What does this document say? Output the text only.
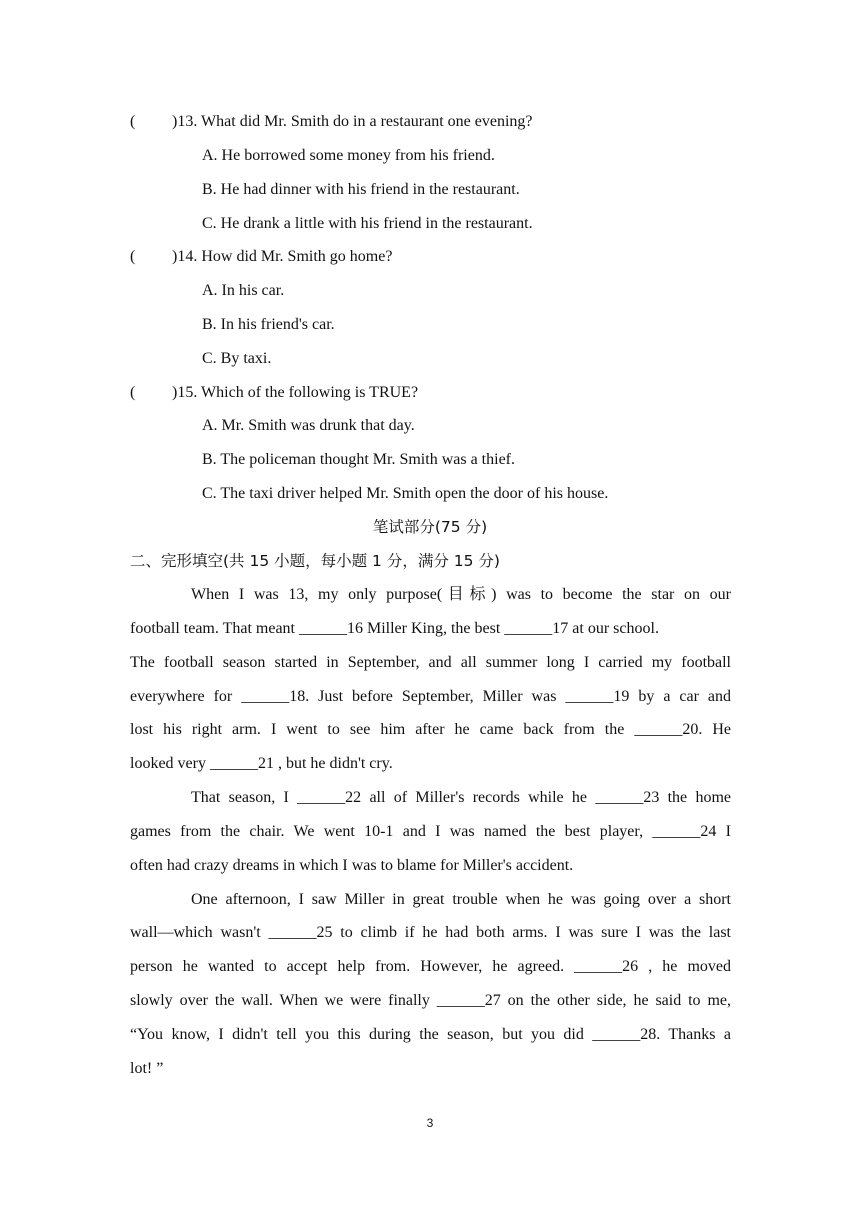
( )13. What did Mr. Smith do in a restaurant one evening?
A. He borrowed some money from his friend.
B. He had dinner with his friend in the restaurant.
C. He drank a little with his friend in the restaurant.
( )14. How did Mr. Smith go home?
A. In his car.
B. In his friend's car.
C. By taxi.
( )15. Which of the following is TRUE?
A. Mr. Smith was drunk that day.
B. The policeman thought Mr. Smith was a thief.
C. The taxi driver helped Mr. Smith open the door of his house.
笔试部分(75 分)
二、完形填空(共 15 小题，每小题 1 分，满分 15 分)
When I was 13, my only purpose(目标) was to become the star on our
football team. That meant ______16 Miller King, the best ______17 at our school.
The football season started in September, and all summer long I carried my football
everywhere for ______18. Just before September, Miller was ______19 by a car and
lost his right arm. I went to see him after he came back from the ______20. He
looked very ______21 , but he didn't cry.
That season, I ______22 all of Miller's records while he ______23 the home
games from the chair. We went 10-1 and I was named the best player, ______24 I
often had crazy dreams in which I was to blame for Miller's accident.
One afternoon, I saw Miller in great trouble when he was going over a short
wall—which wasn't ______25 to climb if he had both arms. I was sure I was the last
person he wanted to accept help from. However, he agreed. ______26 , he moved
slowly over the wall. When we were finally ______27 on the other side, he said to me,
“You know, I didn't tell you this during the season, but you did ______28. Thanks a
lot! ”
3
